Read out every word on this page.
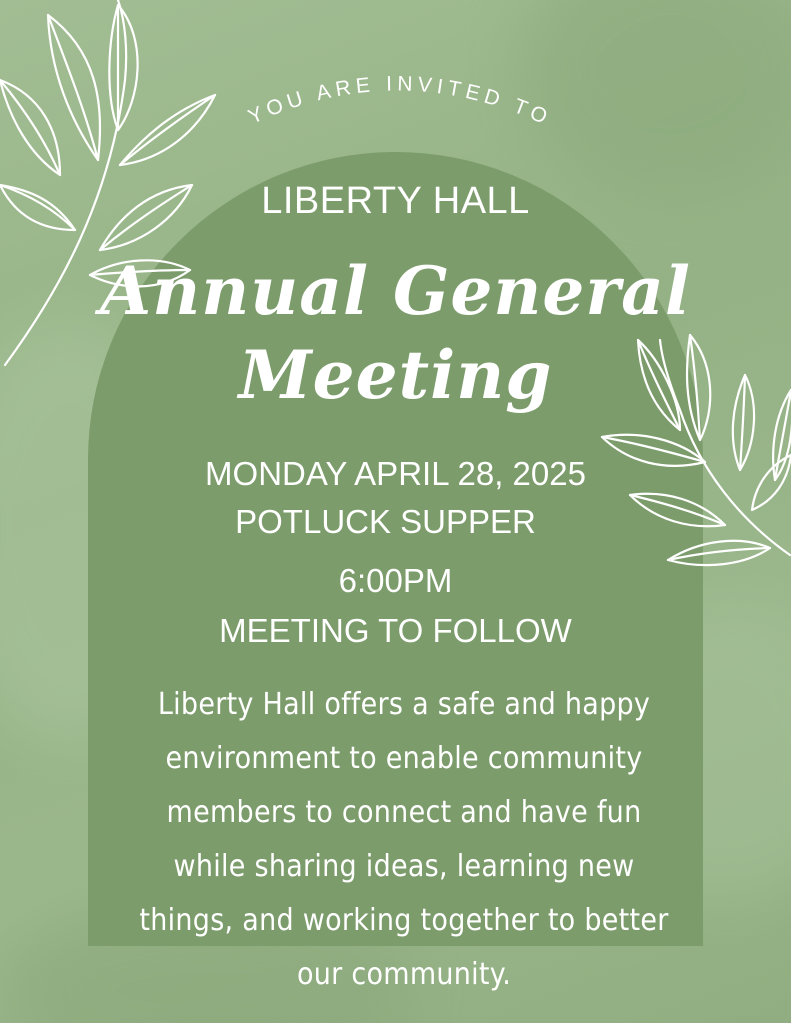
YOU ARE INVITED TO
LIBERTY HALL
Annual General
Meeting
MONDAY APRIL 28, 2025
POTLUCK SUPPER
6:00PM
MEETING TO FOLLOW
Liberty Hall offers a safe and happy environment to enable community members to connect and have fun while sharing ideas, learning new things, and working together to better our community.
